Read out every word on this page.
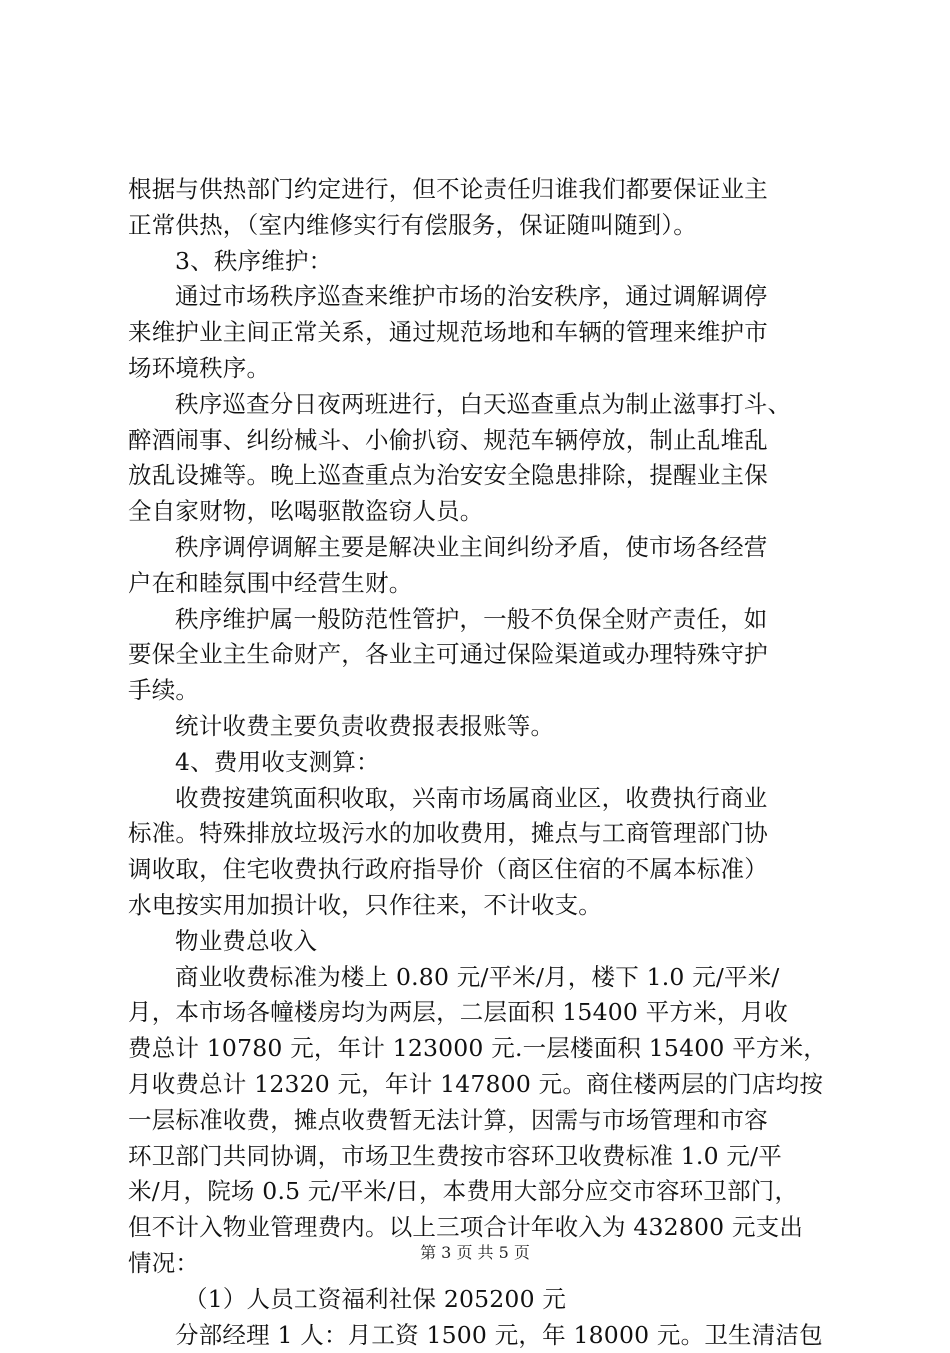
根据与供热部门约定进行，但不论责任归谁我们都要保证业主
正常供热，（室内维修实行有偿服务，保证随叫随到）。
3、秩序维护：
通过市场秩序巡查来维护市场的治安秩序，通过调解调停
来维护业主间正常关系，通过规范场地和车辆的管理来维护市
场环境秩序。
秩序巡查分日夜两班进行，白天巡查重点为制止滋事打斗、
醉酒闹事、纠纷械斗、小偷扒窃、规范车辆停放，制止乱堆乱
放乱设摊等。晚上巡查重点为治安安全隐患排除，提醒业主保
全自家财物，吆喝驱散盗窃人员。
秩序调停调解主要是解决业主间纠纷矛盾，使市场各经营
户在和睦氛围中经营生财。
秩序维护属一般防范性管护，一般不负保全财产责任，如
要保全业主生命财产，各业主可通过保险渠道或办理特殊守护
手续。
统计收费主要负责收费报表报账等。
4、费用收支测算：
收费按建筑面积收取，兴南市场属商业区，收费执行商业
标准。特殊排放垃圾污水的加收费用，摊点与工商管理部门协
调收取，住宅收费执行政府指导价（商区住宿的不属本标准）
水电按实用加损计收，只作往来，不计收支。
物业费总收入
商业收费标准为楼上 0.80 元/平米/月，楼下 1.0 元/平米/
月，本市场各幢楼房均为两层，二层面积 15400 平方米，月收
费总计 10780 元，年计 123000 元.一层楼面积 15400 平方米，
月收费总计 12320 元，年计 147800 元。商住楼两层的门店均按
一层标准收费，摊点收费暂无法计算，因需与市场管理和市容
环卫部门共同协调，市场卫生费按市容环卫收费标准 1.0 元/平
米/月，院场 0.5 元/平米/日，本费用大部分应交市容环卫部门，
但不计入物业管理费内。以上三项合计年收入为 432800 元支出
情况：
（1）人员工资福利社保 205200 元
分部经理 1 人：月工资 1500 元，年 18000 元。卫生清洁包
第 3 页 共 5 页
